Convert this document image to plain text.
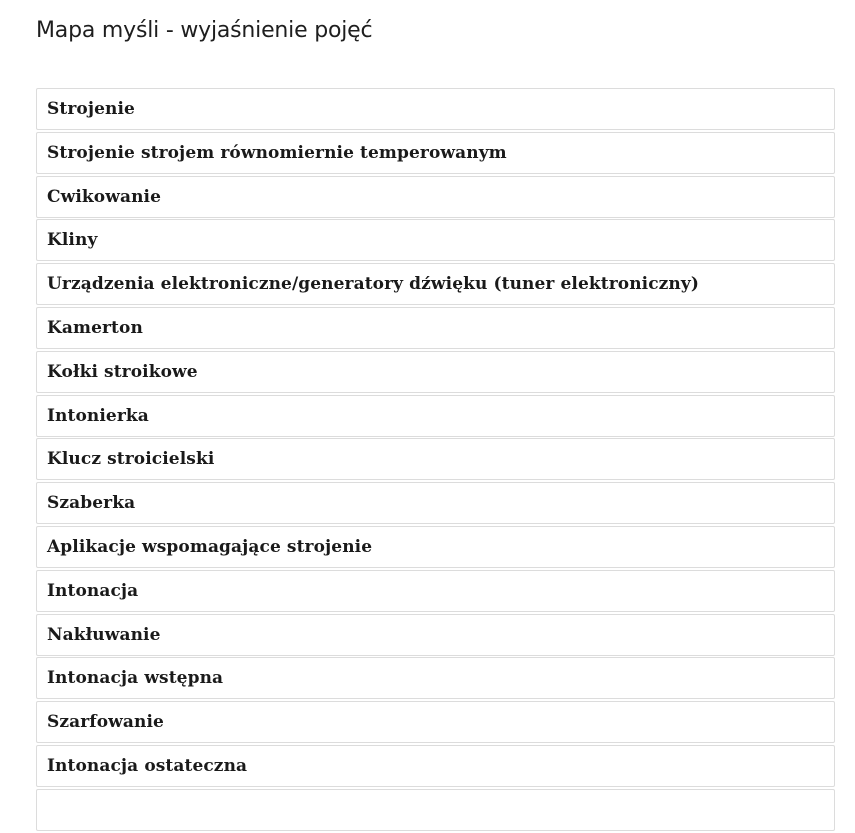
Mapa myśli - wyjaśnienie pojęć
Strojenie
Strojenie strojem równomiernie temperowanym
Cwikowanie
Kliny
Urządzenia elektroniczne/generatory dźwięku (tuner elektroniczny)
Kamerton
Kołki stroikowe
Intonierka
Klucz stroicielski
Szaberka
Aplikacje wspomagające strojenie
Intonacja
Nakłuwanie
Intonacja wstępna
Szarfowanie
Intonacja ostateczna
